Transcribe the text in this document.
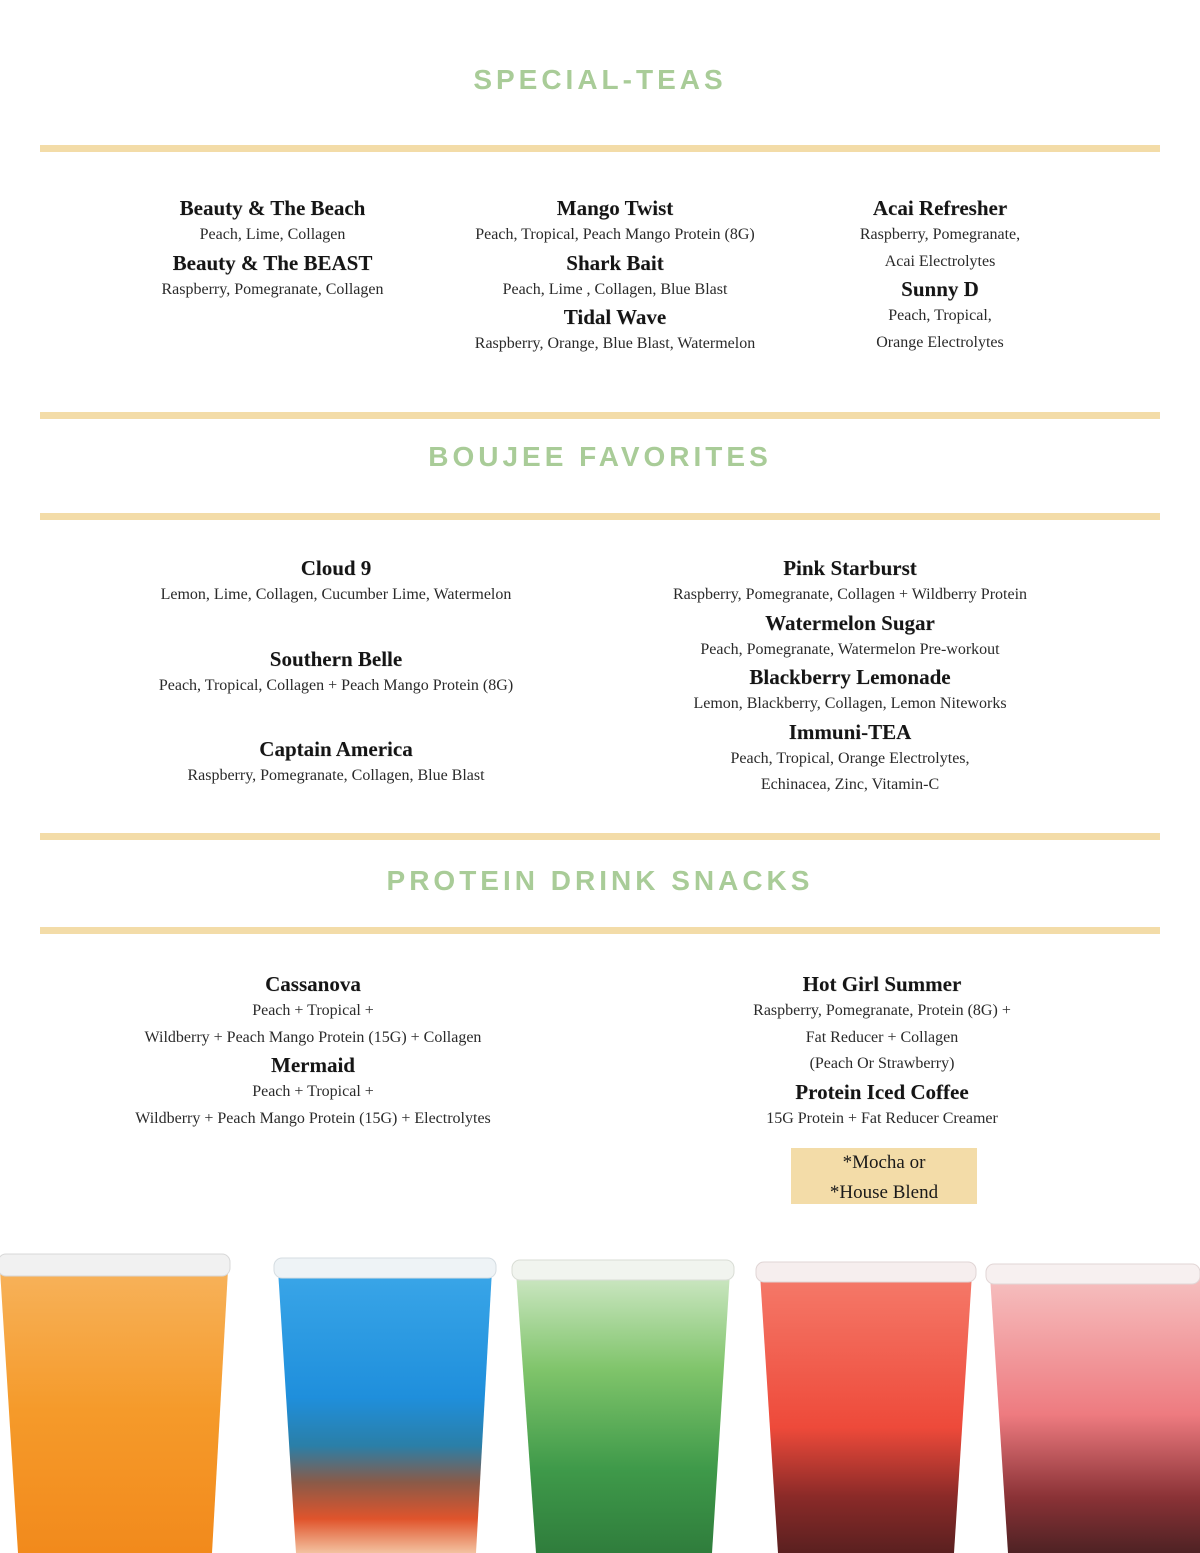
SPECIAL-TEAS
Beauty & The Beach
Peach, Lime, Collagen
Beauty & The BEAST
Raspberry, Pomegranate, Collagen
Mango Twist
Peach, Tropical, Peach Mango Protein (8G)
Shark Bait
Peach, Lime , Collagen, Blue Blast
Tidal Wave
Raspberry, Orange, Blue Blast, Watermelon
Acai Refresher
Raspberry, Pomegranate,
Acai Electrolytes
Sunny D
Peach, Tropical,
Orange Electrolytes
BOUJEE FAVORITES
Cloud 9
Lemon, Lime, Collagen, Cucumber Lime, Watermelon
Southern Belle
Peach, Tropical, Collagen + Peach Mango Protein (8G)
Captain America
Raspberry, Pomegranate, Collagen, Blue Blast
Pink Starburst
Raspberry, Pomegranate, Collagen + Wildberry Protein
Watermelon Sugar
Peach, Pomegranate, Watermelon Pre-workout
Blackberry Lemonade
Lemon, Blackberry, Collagen, Lemon Niteworks
Immuni-TEA
Peach, Tropical, Orange Electrolytes,
Echinacea, Zinc, Vitamin-C
PROTEIN DRINK SNACKS
Cassanova
Peach + Tropical +
Wildberry + Peach Mango Protein (15G) + Collagen
Mermaid
Peach + Tropical +
Wildberry + Peach Mango Protein (15G) + Electrolytes
Hot Girl Summer
Raspberry, Pomegranate, Protein (8G) +
Fat Reducer + Collagen
(Peach Or Strawberry)
Protein Iced Coffee
15G Protein + Fat Reducer Creamer
*Mocha or
*House Blend
